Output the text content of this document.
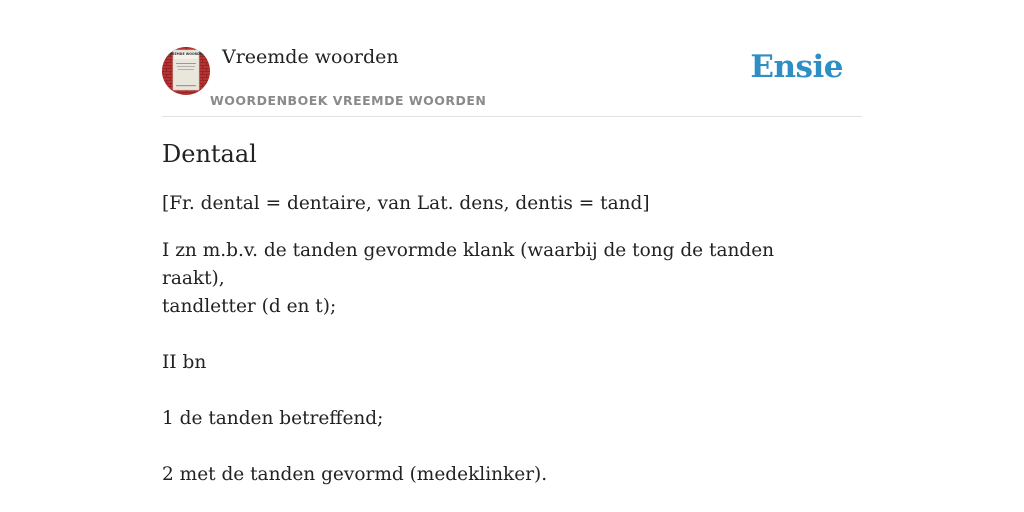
VREEMDE WOORDEN Vreemde woorden
WOORDENBOEK VREEMDE WOORDEN
Ensie
Dentaal

[Fr. dental = dentaire, van Lat. dens, dentis = tand]

I zn m.b.v. de tanden gevormde klank (waarbij de tong de tanden raakt),
tandletter (d en t);
II bn
1 de tanden betreffend;
2 met de tanden gevormd (medeklinker).
